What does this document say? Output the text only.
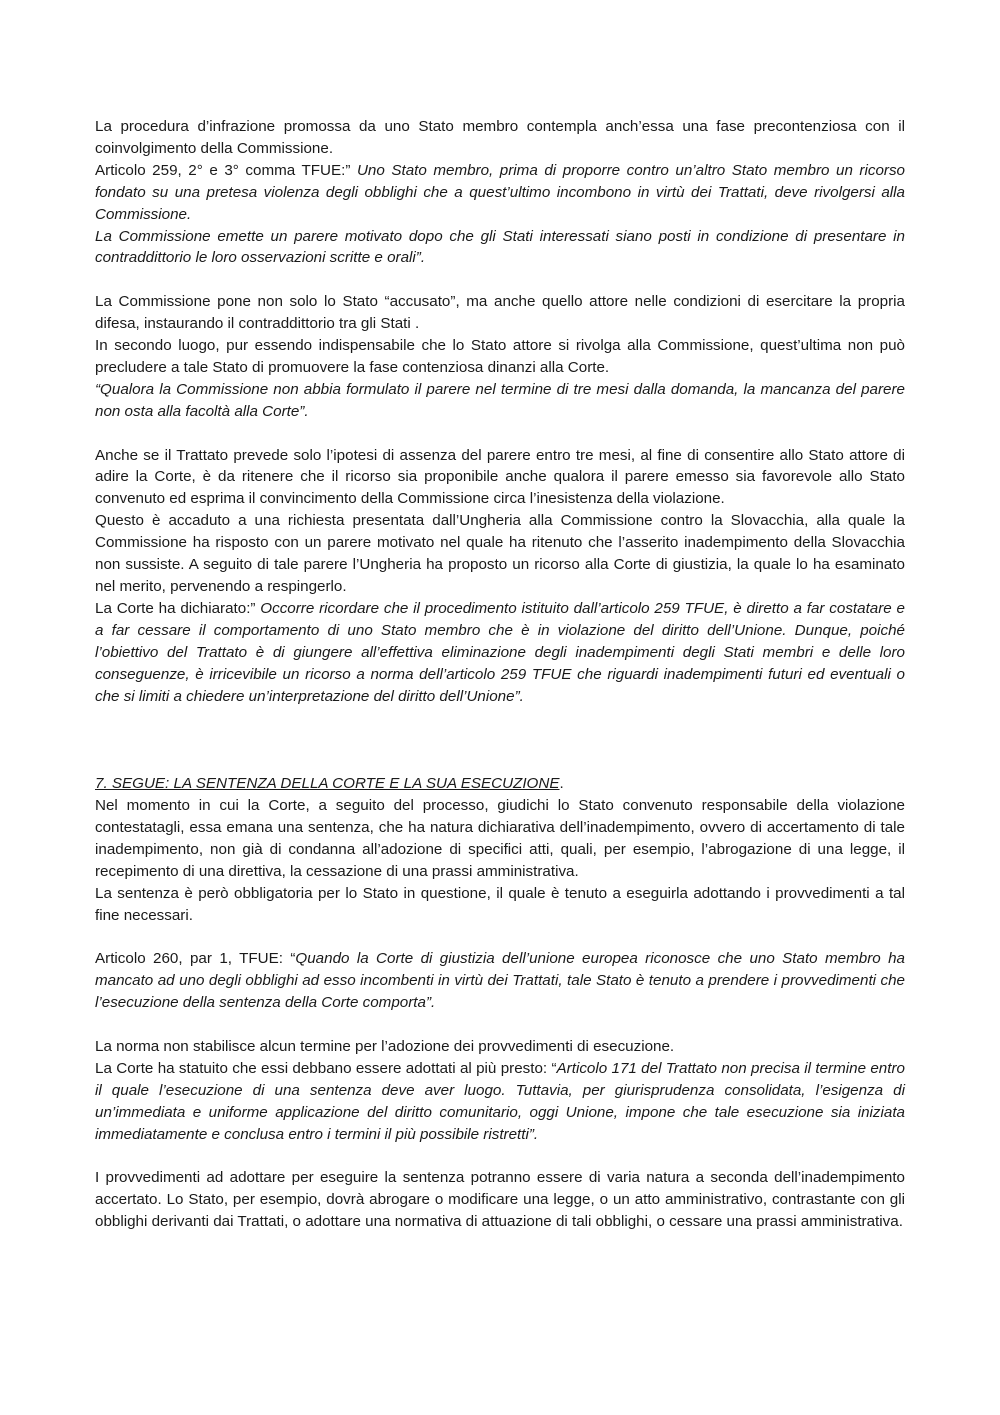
La procedura d’infrazione promossa da uno Stato membro contempla anch’essa una fase precontenziosa con il coinvolgimento della Commissione.

Articolo 259, 2° e 3° comma TFUE:” Uno Stato membro, prima di proporre contro un’altro Stato membro un ricorso fondato su una pretesa violenza degli obblighi che a quest’ultimo incombono in virtù dei Trattati, deve rivolgersi alla Commissione.

La Commissione emette un parere motivato dopo che gli Stati interessati siano posti in condizione di presentare in contraddittorio le loro osservazioni scritte e orali”.

La Commissione pone non solo lo Stato “accusato”, ma anche quello attore nelle condizioni di esercitare la propria difesa, instaurando il contraddittorio tra gli Stati .

In secondo luogo, pur essendo indispensabile che lo Stato attore si rivolga alla Commissione, quest’ultima non può precludere a tale Stato di promuovere la fase contenziosa dinanzi alla Corte.

“Qualora la Commissione non abbia formulato il parere nel termine di tre mesi dalla domanda, la mancanza del parere non osta alla facoltà alla Corte”.

Anche se il Trattato prevede solo l’ipotesi di assenza del parere entro tre mesi, al fine di consentire allo Stato attore di adire la Corte, è da ritenere che il ricorso sia proponibile anche qualora il parere emesso sia favorevole allo Stato convenuto ed esprima il convincimento della Commissione circa l’inesistenza della violazione.

Questo è accaduto a una richiesta presentata dall’Ungheria alla Commissione contro la Slovacchia, alla quale la Commissione ha risposto con un parere motivato nel quale ha ritenuto che l’asserito inadempimento della Slovacchia non sussiste. A seguito di tale parere l’Ungheria ha proposto un ricorso alla Corte di giustizia, la quale lo ha esaminato nel merito, pervenendo a respingerlo.

La Corte ha dichiarato:” Occorre ricordare che il procedimento istituito dall’articolo 259 TFUE, è diretto a far costatare e a far cessare il comportamento di uno Stato membro che è in violazione del diritto dell’Unione. Dunque, poiché l’obiettivo del Trattato è di giungere all’effettiva eliminazione degli inadempimenti degli Stati membri e delle loro conseguenze, è irricevibile un ricorso a norma dell’articolo 259 TFUE che riguardi inadempimenti futuri ed eventuali o che si limiti a chiedere un’interpretazione del diritto dell’Unione”.

7. SEGUE: LA SENTENZA DELLA CORTE E LA SUA ESECUZIONE.

Nel momento in cui la Corte, a seguito del processo, giudichi lo Stato convenuto responsabile della violazione contestatagli, essa emana una sentenza, che ha natura dichiarativa dell’inadempimento, ovvero di accertamento di tale inadempimento, non già di condanna all’adozione di specifici atti, quali, per esempio, l’abrogazione di una legge, il recepimento di una direttiva, la cessazione di una prassi amministrativa.

La sentenza è però obbligatoria per lo Stato in questione, il quale è tenuto a eseguirla adottando i provvedimenti a tal fine necessari.

Articolo 260, par 1, TFUE: “Quando la Corte di giustizia dell’unione europea riconosce che uno Stato membro ha mancato ad uno degli obblighi ad esso incombenti in virtù dei Trattati, tale Stato è tenuto a prendere i provvedimenti che l’esecuzione della sentenza della Corte comporta”.

La norma non stabilisce alcun termine per l’adozione dei provvedimenti di esecuzione.

La Corte ha statuito che essi debbano essere adottati al più presto: “Articolo 171 del Trattato non precisa il termine entro il quale l’esecuzione di una sentenza deve aver luogo. Tuttavia, per giurisprudenza consolidata, l’esigenza di un’immediata e uniforme applicazione del diritto comunitario, oggi Unione, impone che tale esecuzione sia iniziata immediatamente e conclusa entro i termini il più possibile ristretti”.

I provvedimenti ad adottare per eseguire la sentenza potranno essere di varia natura a seconda dell’inadempimento accertato. Lo Stato, per esempio, dovrà abrogare o modificare una legge, o un atto amministrativo, contrastante con gli obblighi derivanti dai Trattati, o adottare una normativa di attuazione di tali obblighi, o cessare una prassi amministrativa.
